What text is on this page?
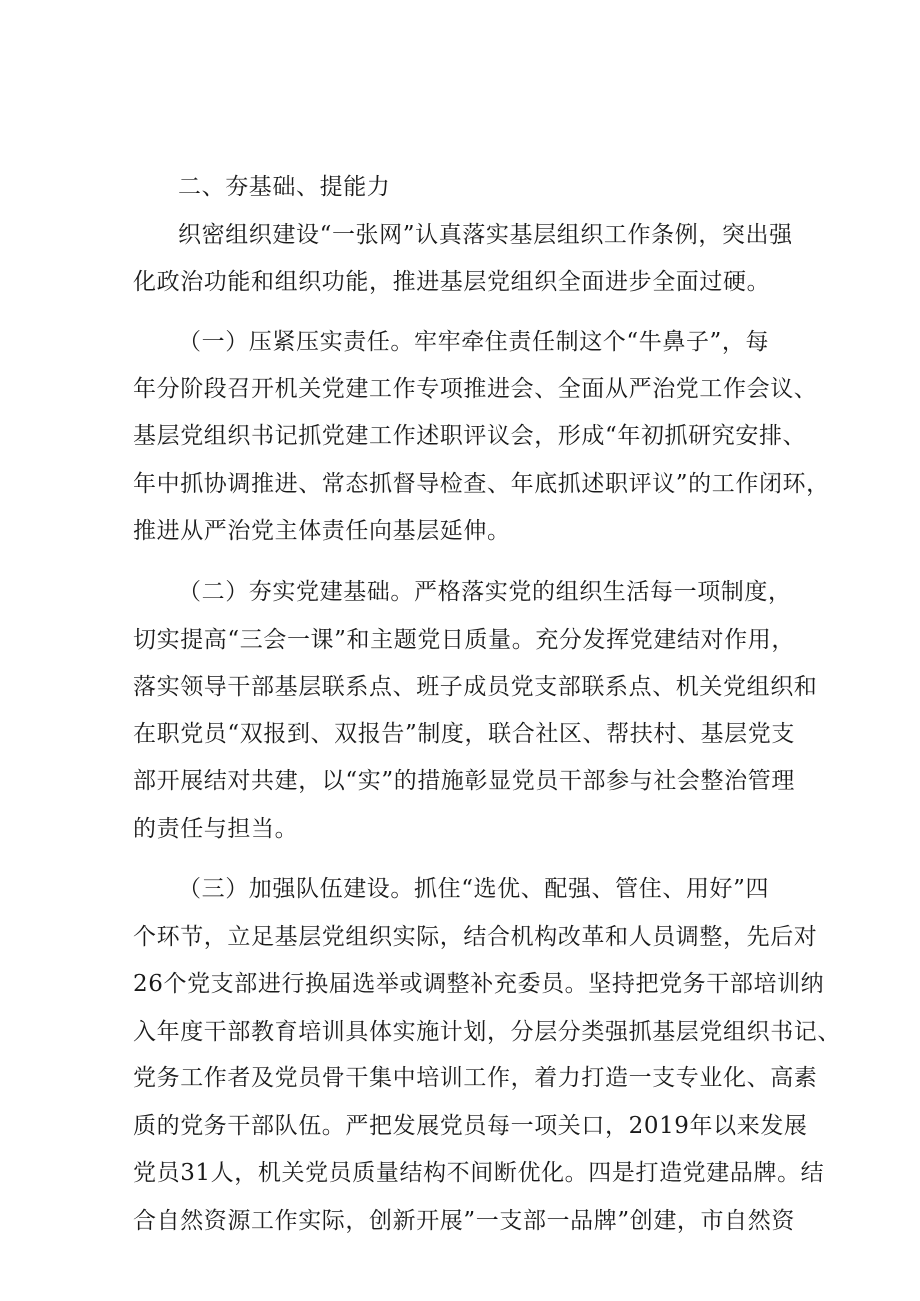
二、夯基础、提能力
织密组织建设“一张网”认真落实基层组织工作条例，突出强
化政治功能和组织功能，推进基层党组织全面进步全面过硬。
（一）压紧压实责任。牢牢牵住责任制这个“牛鼻子”，每
年分阶段召开机关党建工作专项推进会、全面从严治党工作会议、
基层党组织书记抓党建工作述职评议会，形成“年初抓研究安排、
年中抓协调推进、常态抓督导检查、年底抓述职评议”的工作闭环，
推进从严治党主体责任向基层延伸。
（二）夯实党建基础。严格落实党的组织生活每一项制度，
切实提高“三会一课”和主题党日质量。充分发挥党建结对作用，
落实领导干部基层联系点、班子成员党支部联系点、机关党组织和
在职党员“双报到、双报告”制度，联合社区、帮扶村、基层党支
部开展结对共建，以“实”的措施彰显党员干部参与社会整治管理
的责任与担当。
（三）加强队伍建设。抓住“选优、配强、管住、用好”四
个环节，立足基层党组织实际，结合机构改革和人员调整，先后对
26个党支部进行换届选举或调整补充委员。坚持把党务干部培训纳
入年度干部教育培训具体实施计划，分层分类强抓基层党组织书记、
党务工作者及党员骨干集中培训工作，着力打造一支专业化、高素
质的党务干部队伍。严把发展党员每一项关口，2019年以来发展
党员31人，机关党员质量结构不间断优化。四是打造党建品牌。结
合自然资源工作实际，创新开展”一支部一品牌”创建，市自然资
